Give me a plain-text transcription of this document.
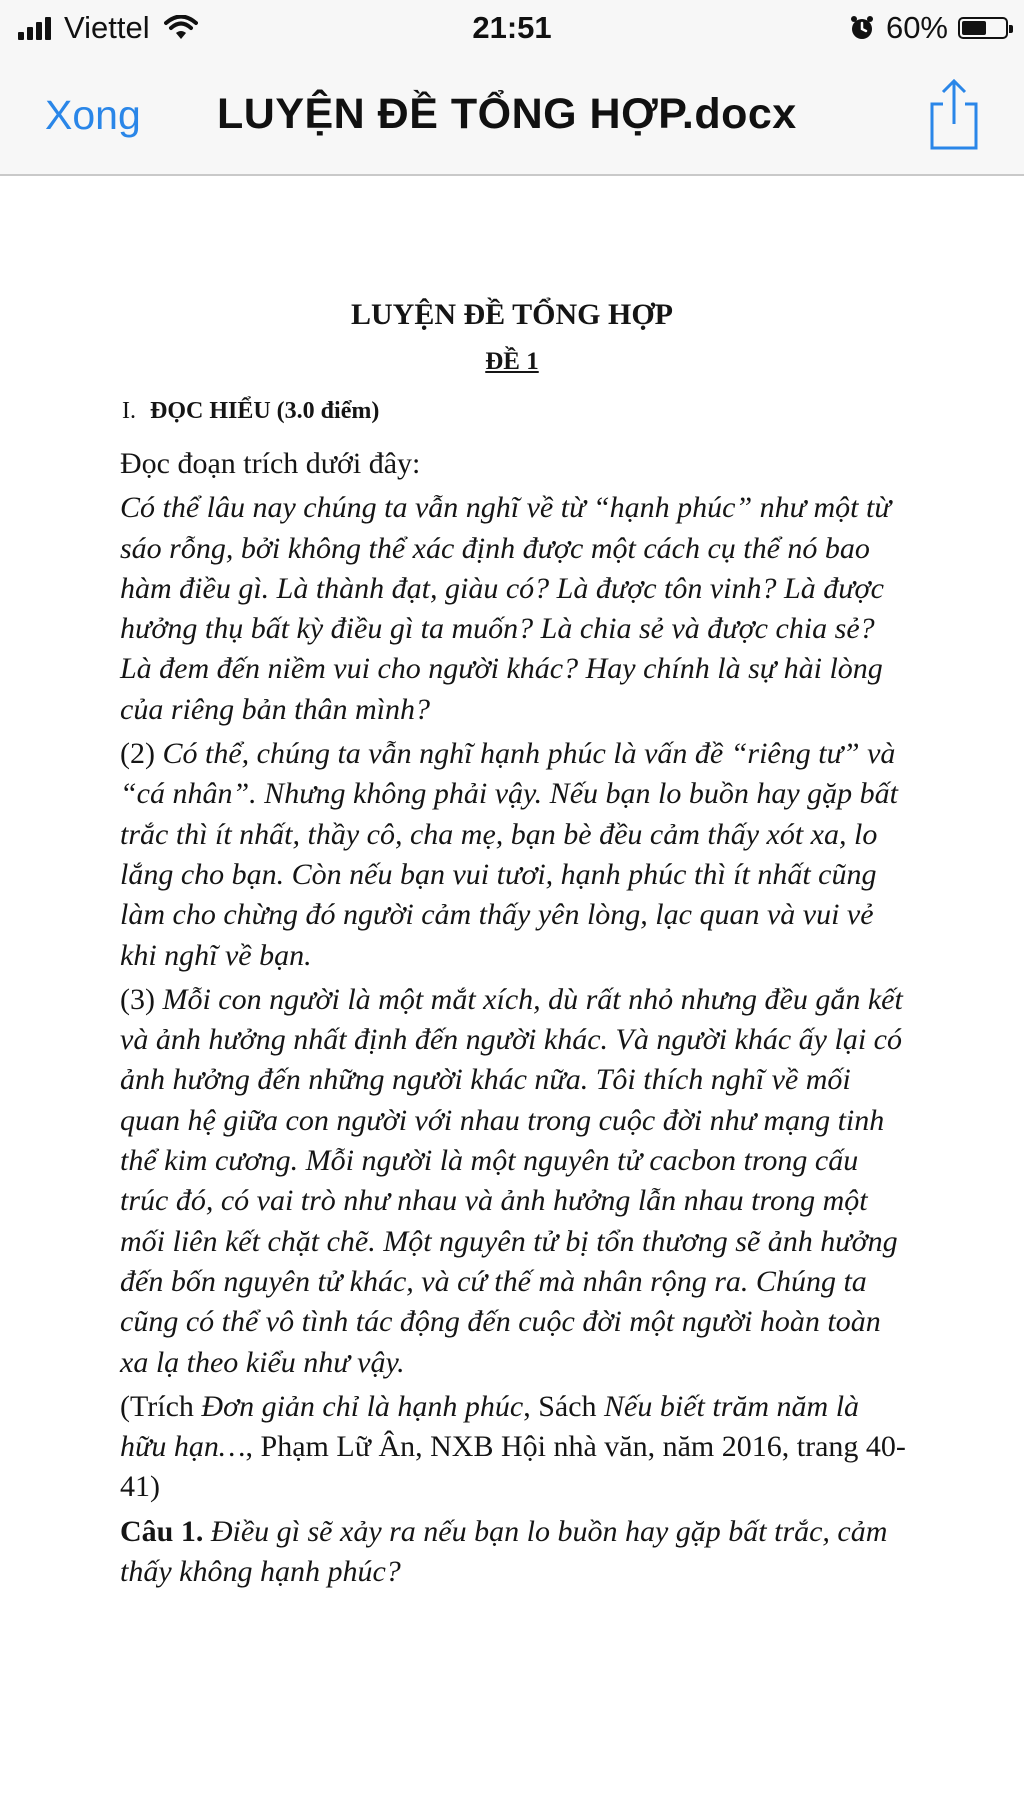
Viettel	21:51	60%
Xong LUYỆN ĐỀ TỔNG HỢP.docx
LUYỆN ĐỀ TỔNG HỢP
ĐỀ 1
I. ĐỌC HIỂU (3.0 điểm)

Đọc đoạn trích dưới đây:

Có thể lâu nay chúng ta vẫn nghĩ về từ “hạnh phúc” như một từ sáo rỗng, bởi không thể xác định được một cách cụ thể nó bao hàm điều gì. Là thành đạt, giàu có? Là được tôn vinh? Là được hưởng thụ bất kỳ điều gì ta muốn? Là chia sẻ và được chia sẻ? Là đem đến niềm vui cho người khác? Hay chính là sự hài lòng của riêng bản thân mình?

(2) Có thể, chúng ta vẫn nghĩ hạnh phúc là vấn đề “riêng tư” và “cá nhân”. Nhưng không phải vậy. Nếu bạn lo buồn hay gặp bất trắc thì ít nhất, thầy cô, cha mẹ, bạn bè đều cảm thấy xót xa, lo lắng cho bạn. Còn nếu bạn vui tươi, hạnh phúc thì ít nhất cũng làm cho chừng đó người cảm thấy yên lòng, lạc quan và vui vẻ khi nghĩ về bạn.

(3) Mỗi con người là một mắt xích, dù rất nhỏ nhưng đều gắn kết và ảnh hưởng nhất định đến người khác. Và người khác ấy lại có ảnh hưởng đến những người khác nữa. Tôi thích nghĩ về mối quan hệ giữa con người với nhau trong cuộc đời như mạng tinh thể kim cương. Mỗi người là một nguyên tử cacbon trong cấu trúc đó, có vai trò như nhau và ảnh hưởng lẫn nhau trong một mối liên kết chặt chẽ. Một nguyên tử bị tổn thương sẽ ảnh hưởng đến bốn nguyên tử khác, và cứ thế mà nhân rộng ra. Chúng ta cũng có thể vô tình tác động đến cuộc đời một người hoàn toàn xa lạ theo kiểu như vậy.

(Trích Đơn giản chỉ là hạnh phúc, Sách Nếu biết trăm năm là hữu hạn…, Phạm Lữ Ân, NXB Hội nhà văn, năm 2016, trang 40-41)

Câu 1. Điều gì sẽ xảy ra nếu bạn lo buồn hay gặp bất trắc, cảm thấy không hạnh phúc?
